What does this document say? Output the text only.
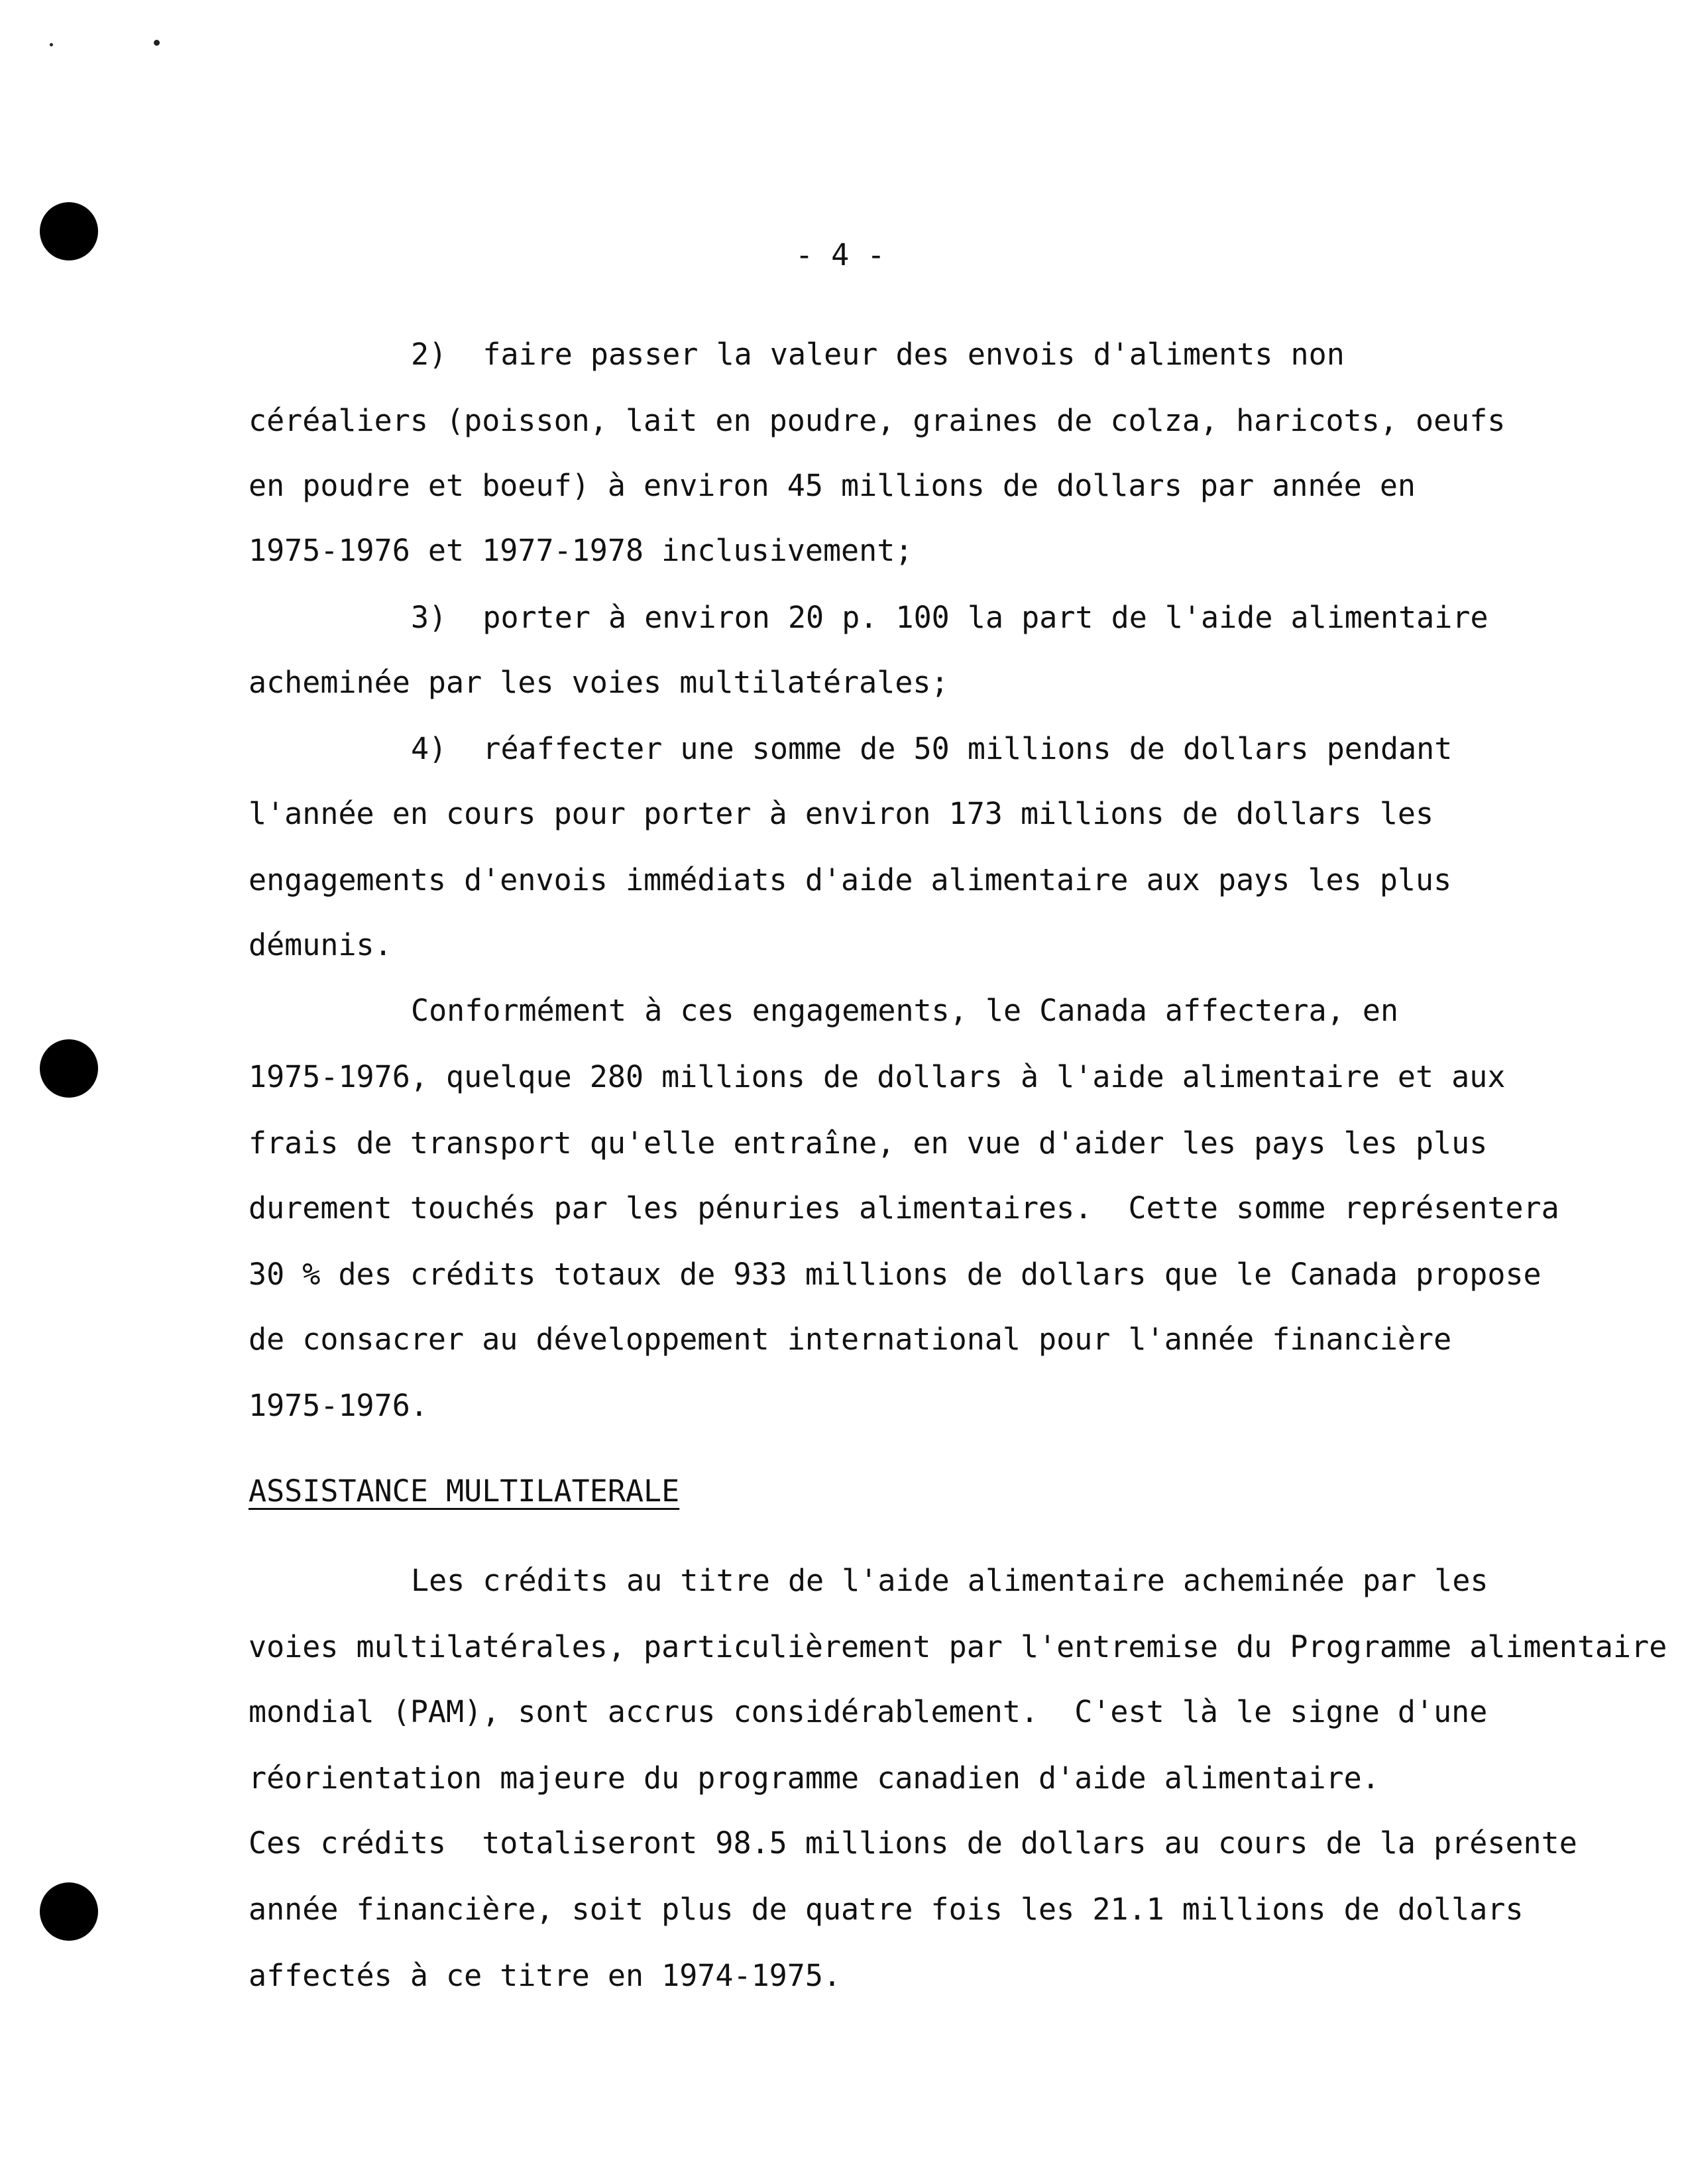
- 4 -
2)  faire passer la valeur des envois d'aliments non
céréaliers (poisson, lait en poudre, graines de colza, haricots, oeufs
en poudre et boeuf) à environ 45 millions de dollars par année en
1975-1976 et 1977-1978 inclusivement;
3)  porter à environ 20 p. 100 la part de l'aide alimentaire
acheminée par les voies multilatérales;
4)  réaffecter une somme de 50 millions de dollars pendant
l'année en cours pour porter à environ 173 millions de dollars les
engagements d'envois immédiats d'aide alimentaire aux pays les plus
démunis.
Conformément à ces engagements, le Canada affectera, en
1975-1976, quelque 280 millions de dollars à l'aide alimentaire et aux
frais de transport qu'elle entraîne, en vue d'aider les pays les plus
durement touchés par les pénuries alimentaires.  Cette somme représentera
30 % des crédits totaux de 933 millions de dollars que le Canada propose
de consacrer au développement international pour l'année financière
1975-1976.
ASSISTANCE MULTILATERALE
Les crédits au titre de l'aide alimentaire acheminée par les
voies multilatérales, particulièrement par l'entremise du Programme alimentaire
mondial (PAM), sont accrus considérablement.  C'est là le signe d'une
réorientation majeure du programme canadien d'aide alimentaire.
Ces crédits  totaliseront 98.5 millions de dollars au cours de la présente
année financière, soit plus de quatre fois les 21.1 millions de dollars
affectés à ce titre en 1974-1975.
